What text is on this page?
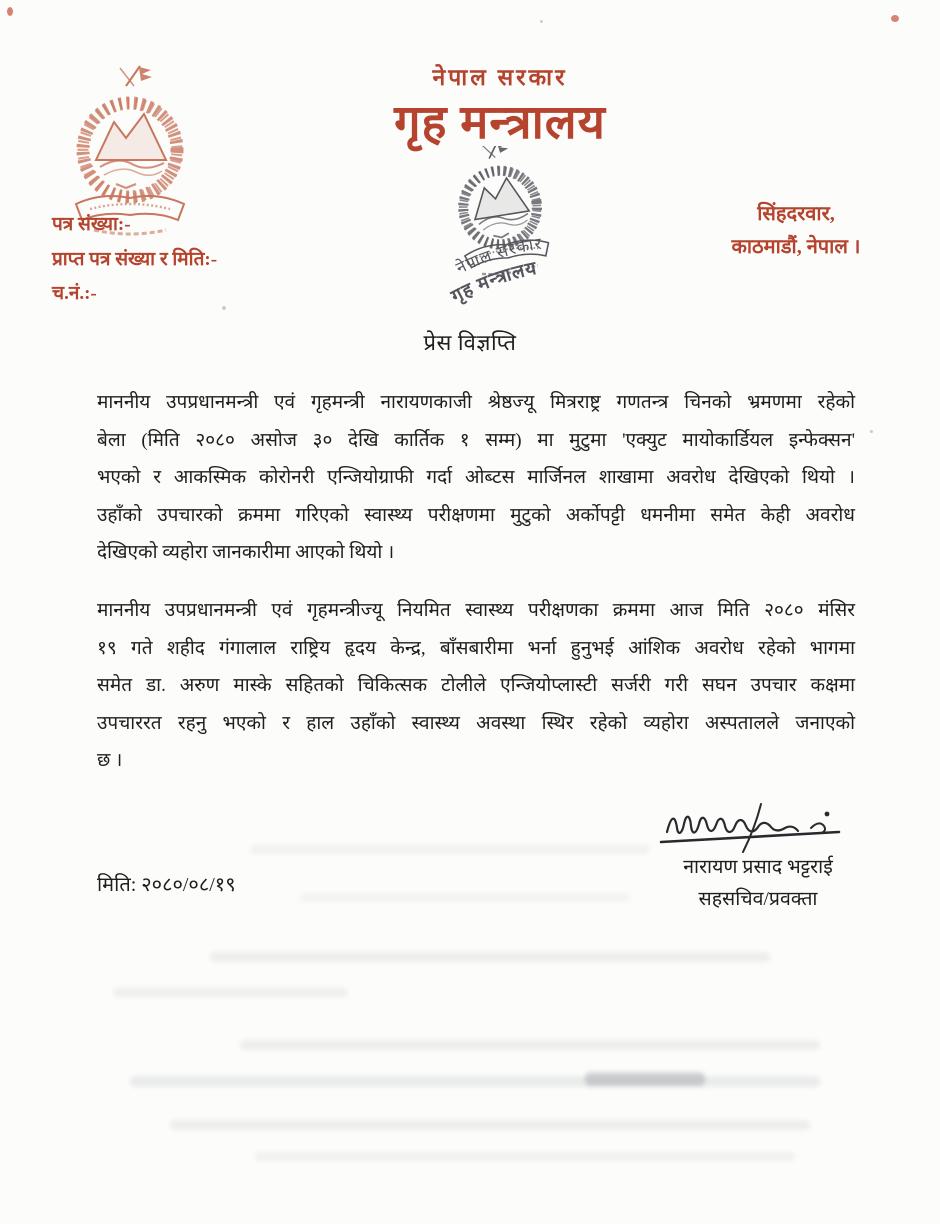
नेपाल सरकार
गृह मन्त्रालय
नेपाल सरकार
गृह मन्त्रालय
पत्र संख्या:-
प्राप्त पत्र संख्या र मिति:-
च.नं.:-
सिंहदरवार,
काठमाडौं, नेपाल ।
प्रेस विज्ञप्ति
माननीय उपप्रधानमन्त्री एवं गृहमन्त्री नारायणकाजी श्रेष्ठज्यू मित्रराष्ट्र गणतन्त्र चिनको भ्रमणमा रहेको
बेला (मिति २०८० असोज ३० देखि कार्तिक १ सम्म) मा मुटुमा 'एक्युट मायोकार्डियल इन्फेक्सन'
भएको र आकस्मिक कोरोनरी एन्जियोग्राफी गर्दा ओब्टस मार्जिनल शाखामा अवरोध देखिएको थियो ।
उहाँको उपचारको क्रममा गरिएको स्वास्थ्य परीक्षणमा मुटुको अर्कोपट्टी धमनीमा समेत केही अवरोध
देखिएको व्यहोरा जानकारीमा आएको थियो ।
माननीय उपप्रधानमन्त्री एवं गृहमन्त्रीज्यू नियमित स्वास्थ्य परीक्षणका क्रममा आज मिति २०८० मंसिर
१९ गते शहीद गंगालाल राष्ट्रिय हृदय केन्द्र, बाँसबारीमा भर्ना हुनुभई आंशिक अवरोध रहेको भागमा
समेत डा. अरुण मास्के सहितको चिकित्सक टोलीले एन्जियोप्लास्टी सर्जरी गरी सघन उपचार कक्षमा
उपचाररत रहनु भएको र हाल उहाँको स्वास्थ्य अवस्था स्थिर रहेको व्यहोरा अस्पतालले जनाएको
छ ।
मिति: २०८०/०८/१९
नारायण प्रसाद भट्टराई
सहसचिव/प्रवक्ता
